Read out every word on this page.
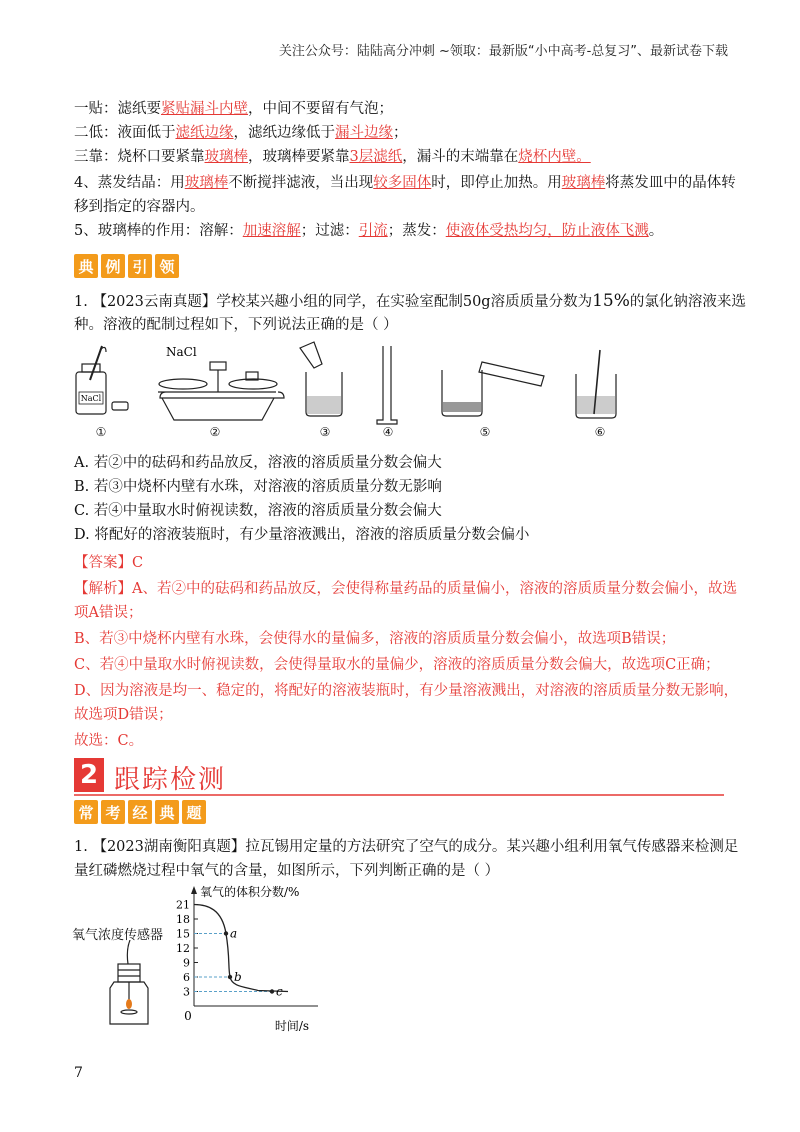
关注公众号：陆陆高分冲刺 ~领取：最新版“小中高考-总复习”、最新试卷下载
一贴：滤纸要紧贴漏斗内壁，中间不要留有气泡；
二低：液面低于滤纸边缘，滤纸边缘低于漏斗边缘；
三靠：烧杯口要紧靠玻璃棒，玻璃棒要紧靠3层滤纸，漏斗的末端靠在烧杯内壁。
4、蒸发结晶：用玻璃棒不断搅拌滤液，当出现较多固体时，即停止加热。用玻璃棒将蒸发皿中的晶体转
移到指定的容器内。
5、玻璃棒的作用：溶解：加速溶解；过滤：引流；蒸发：使液体受热均匀，防止液体飞溅。
典 例 引 领
1. 【2023云南真题】学校某兴趣小组的同学，在实验室配制50g溶质质量分数为15%的氯化钠溶液来选
种。溶液的配制过程如下，下列说法正确的是（ ）
NaCl
NaCl
①	②	③	④	⑤	⑥
A. 若②中的砝码和药品放反，溶液的溶质质量分数会偏大
B. 若③中烧杯内壁有水珠，对溶液的溶质质量分数无影响
C. 若④中量取水时俯视读数，溶液的溶质质量分数会偏大
D. 将配好的溶液装瓶时，有少量溶液溅出，溶液的溶质质量分数会偏小
【答案】C
【解析】A、若②中的砝码和药品放反，会使得称量药品的质量偏小，溶液的溶质质量分数会偏小，故选
项A错误；
B、若③中烧杯内壁有水珠，会使得水的量偏多，溶液的溶质质量分数会偏小，故选项B错误；
C、若④中量取水时俯视读数，会使得量取水的量偏少，溶液的溶质质量分数会偏大，故选项C正确；
D、因为溶液是均一、稳定的，将配好的溶液装瓶时，有少量溶液溅出，对溶液的溶质质量分数无影响，
故选项D错误；
故选：C。
2 跟踪检测
常 考 经 典 题
1. 【2023湖南衡阳真题】拉瓦锡用定量的方法研究了空气的成分。某兴趣小组利用氧气传感器来检测足
量红磷燃烧过程中氧气的含量，如图所示，下列判断正确的是（ ）
氧气浓度传感器
氧气的体积分数/%
21
18
15
12
9
6
3
a
b
c
0
时间/s
7
